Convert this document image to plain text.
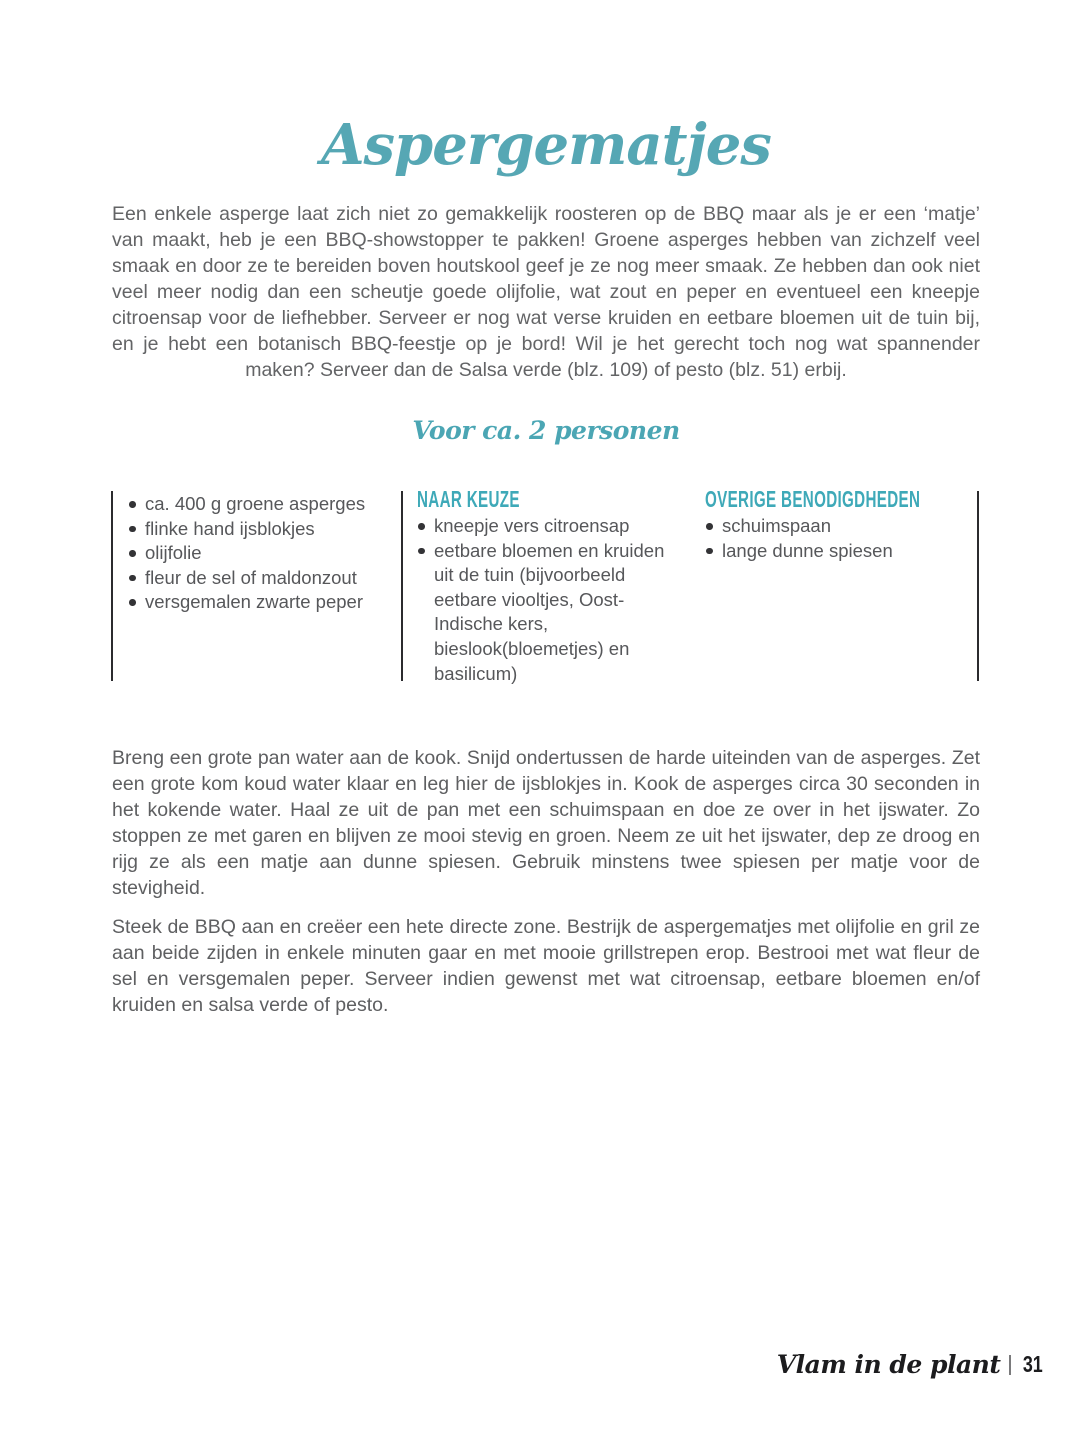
Aspergematjes

Een enkele asperge laat zich niet zo gemakkelijk roosteren op de BBQ maar als je er een ‘matje’ van maakt, heb je een BBQ-showstopper te pakken! Groene asperges hebben van zichzelf veel smaak en door ze te bereiden boven houtskool geef je ze nog meer smaak. Ze hebben dan ook niet veel meer nodig dan een scheutje goede olijfolie, wat zout en peper en eventueel een kneepje citroensap voor de liefhebber. Serveer er nog wat verse kruiden en eetbare bloemen uit de tuin bij, en je hebt een botanisch BBQ-feestje op je bord! Wil je het gerecht toch nog wat spannender maken? Serveer dan de Salsa verde (blz. 109) of pesto (blz. 51) erbij.

Voor ca. 2 personen
ca. 400 g groene asperges
flinke hand ijsblokjes
olijfolie
fleur de sel of maldonzout
versgemalen zwarte peper
NAAR KEUZE
kneepje vers citroensap
eetbare bloemen en kruiden uit de tuin (bijvoorbeeld eetbare viooltjes, Oost-Indische kers, bieslook(bloemetjes) en basilicum)
OVERIGE BENODIGDHEDEN
schuimspaan
lange dunne spiesen

Breng een grote pan water aan de kook. Snijd ondertussen de harde uiteinden van de asperges. Zet een grote kom koud water klaar en leg hier de ijsblokjes in. Kook de asperges circa 30 seconden in het kokende water. Haal ze uit de pan met een schuimspaan en doe ze over in het ijswater. Zo stoppen ze met garen en blijven ze mooi stevig en groen. Neem ze uit het ijswater, dep ze droog en rijg ze als een matje aan dunne spiesen. Gebruik minstens twee spiesen per matje voor de stevigheid.

Steek de BBQ aan en creëer een hete directe zone. Bestrijk de aspergematjes met olijfolie en gril ze aan beide zijden in enkele minuten gaar en met mooie grillstrepen erop. Bestrooi met wat fleur de sel en versgemalen peper. Serveer indien gewenst met wat citroensap, eetbare bloemen en/of kruiden en salsa verde of pesto.

Vlam in de plant 31
